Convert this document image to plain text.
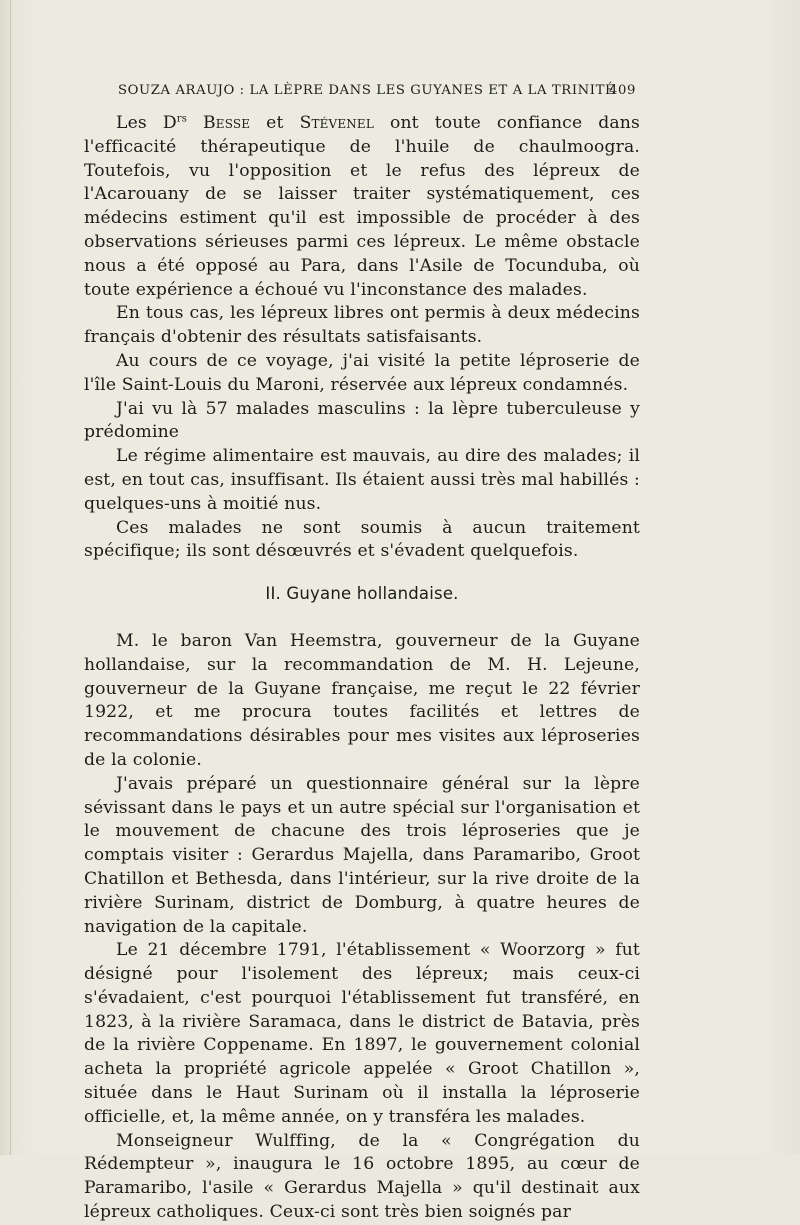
SOUZA ARAUJO : LA LÈPRE DANS LES GUYANES ET A LA TRINITÉ
409

Les $D^{rs}$ Besse et Stévenel ont toute confiance dans l'efficacité thérapeutique de l'huile de chaulmoogra. Toutefois, vu l'opposition et le refus des lépreux de l'Acarouany de se laisser traiter systématiquement, ces médecins estiment qu'il est impossible de procéder à des observations sérieuses parmi ces lépreux. Le même obstacle nous a été opposé au Para, dans l'Asile de Tocunduba, où toute expérience a échoué vu l'inconstance des malades.

En tous cas, les lépreux libres ont permis à deux médecins français d'obtenir des résultats satisfaisants.

Au cours de ce voyage, j'ai visité la petite léproserie de l'île Saint-Louis du Maroni, réservée aux lépreux condamnés.

J'ai vu là 57 malades masculins : la lèpre tuberculeuse y prédomine

Le régime alimentaire est mauvais, au dire des malades; il est, en tout cas, insuffisant. Ils étaient aussi très mal habillés : quelques-uns à moitié nus.

Ces malades ne sont soumis à aucun traitement spécifique; ils sont désœuvrés et s'évadent quelquefois.

II. Guyane hollandaise.

M. le baron Van Heemstra, gouverneur de la Guyane hollandaise, sur la recommandation de M. H. Lejeune, gouverneur de la Guyane française, me reçut le 22 février 1922, et me procura toutes facilités et lettres de recommandations désirables pour mes visites aux léproseries de la colonie.

J'avais préparé un questionnaire général sur la lèpre sévissant dans le pays et un autre spécial sur l'organisation et le mouvement de chacune des trois léproseries que je comptais visiter : Gerardus Majella, dans Paramaribo, Groot Chatillon et Bethesda, dans l'intérieur, sur la rive droite de la rivière Surinam, district de Domburg, à quatre heures de navigation de la capitale.

Le 21 décembre 1791, l'établissement « Woorzorg » fut désigné pour l'isolement des lépreux; mais ceux-ci s'évadaient, c'est pourquoi l'établissement fut transféré, en 1823, à la rivière Saramaca, dans le district de Batavia, près de la rivière Coppename. En 1897, le gouvernement colonial acheta la propriété agricole appelée « Groot Chatillon », située dans le Haut Surinam où il installa la léproserie officielle, et, la même année, on y transféra les malades.

Monseigneur Wulffing, de la « Congrégation du Rédempteur », inaugura le 16 octobre 1895, au cœur de Paramaribo, l'asile « Gerardus Majella » qu'il destinait aux lépreux catholiques. Ceux-ci sont très bien soignés par
